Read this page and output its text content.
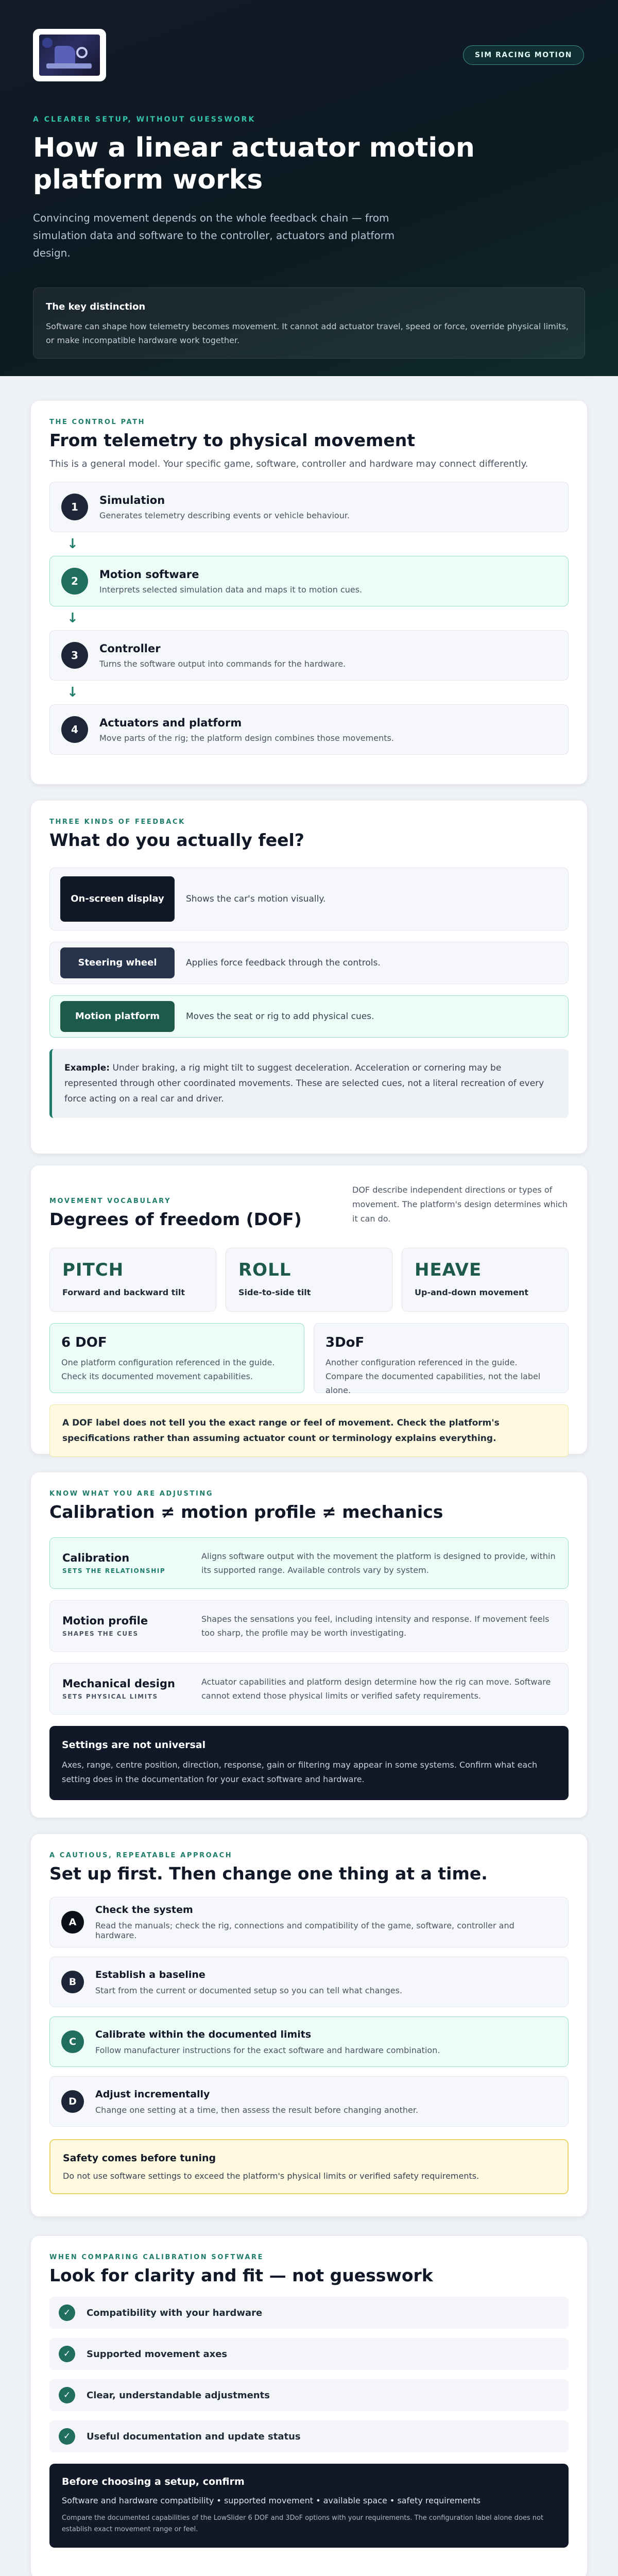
SIM RACING MOTION
A CLEARER SETUP, WITHOUT GUESSWORK
How a linear actuator motion platform works

Convincing movement depends on the whole feedback chain — from simulation data and software to the controller, actuators and platform design.

The key distinction
Software can shape how telemetry becomes movement. It cannot add actuator travel, speed or force, override physical limits, or make incompatible hardware work together.
THE CONTROL PATH
From telemetry to physical movement

This is a general model. Your specific game, software, controller and hardware may connect differently.

1
Simulation
Generates telemetry describing events or vehicle behaviour.
↓
2
Motion software
Interprets selected simulation data and maps it to motion cues.
↓
3
Controller
Turns the software output into commands for the hardware.
↓
4
Actuators and platform
Move parts of the rig; the platform design combines those movements.
THREE KINDS OF FEEDBACK
What do you actually feel?
On-screen display	Shows the car's motion visually.
Steering wheel	Applies force feedback through the controls.
Motion platform	Moves the seat or rig to add physical cues.
Example: Under braking, a rig might tilt to suggest deceleration. Acceleration or cornering may be represented through other coordinated movements. These are selected cues, not a literal recreation of every force acting on a real car and driver.
MOVEMENT VOCABULARY
Degrees of freedom (DOF)

DOF describe independent directions or types of movement. The platform's design determines which it can do.

PITCH
Forward and backward tilt
ROLL
Side-to-side tilt
HEAVE
Up-and-down movement
6 DOF
One platform configuration referenced in the guide. Check its documented movement capabilities.
3DoF
Another configuration referenced in the guide. Compare the documented capabilities, not the label alone.
A DOF label does not tell you the exact range or feel of movement. Check the platform's specifications rather than assuming actuator count or terminology explains everything.
KNOW WHAT YOU ARE ADJUSTING
Calibration ≠ motion profile ≠ mechanics
Calibration
SETS THE RELATIONSHIP
Aligns software output with the movement the platform is designed to provide, within its supported range. Available controls vary by system.
Motion profile
SHAPES THE CUES
Shapes the sensations you feel, including intensity and response. If movement feels too sharp, the profile may be worth investigating.
Mechanical design
SETS PHYSICAL LIMITS
Actuator capabilities and platform design determine how the rig can move. Software cannot extend those physical limits or verified safety requirements.
Settings are not universal
Axes, range, centre position, direction, response, gain or filtering may appear in some systems. Confirm what each setting does in the documentation for your exact software and hardware.
A CAUTIOUS, REPEATABLE APPROACH
Set up first. Then change one thing at a time.
A
Check the system
Read the manuals; check the rig, connections and compatibility of the game, software, controller and hardware.
B
Establish a baseline
Start from the current or documented setup so you can tell what changes.
C
Calibrate within the documented limits
Follow manufacturer instructions for the exact software and hardware combination.
D
Adjust incrementally
Change one setting at a time, then assess the result before changing another.
Safety comes before tuning
Do not use software settings to exceed the platform's physical limits or verified safety requirements.
WHEN COMPARING CALIBRATION SOFTWARE
Look for clarity and fit — not guesswork
✓	Compatibility with your hardware
✓	Supported movement axes
✓	Clear, understandable adjustments
✓	Useful documentation and update status
Before choosing a setup, confirm
Software and hardware compatibility • supported movement • available space • safety requirements
Compare the documented capabilities of the LowSlider 6 DOF and 3DoF options with your requirements. The configuration label alone does not establish exact movement range or feel.
